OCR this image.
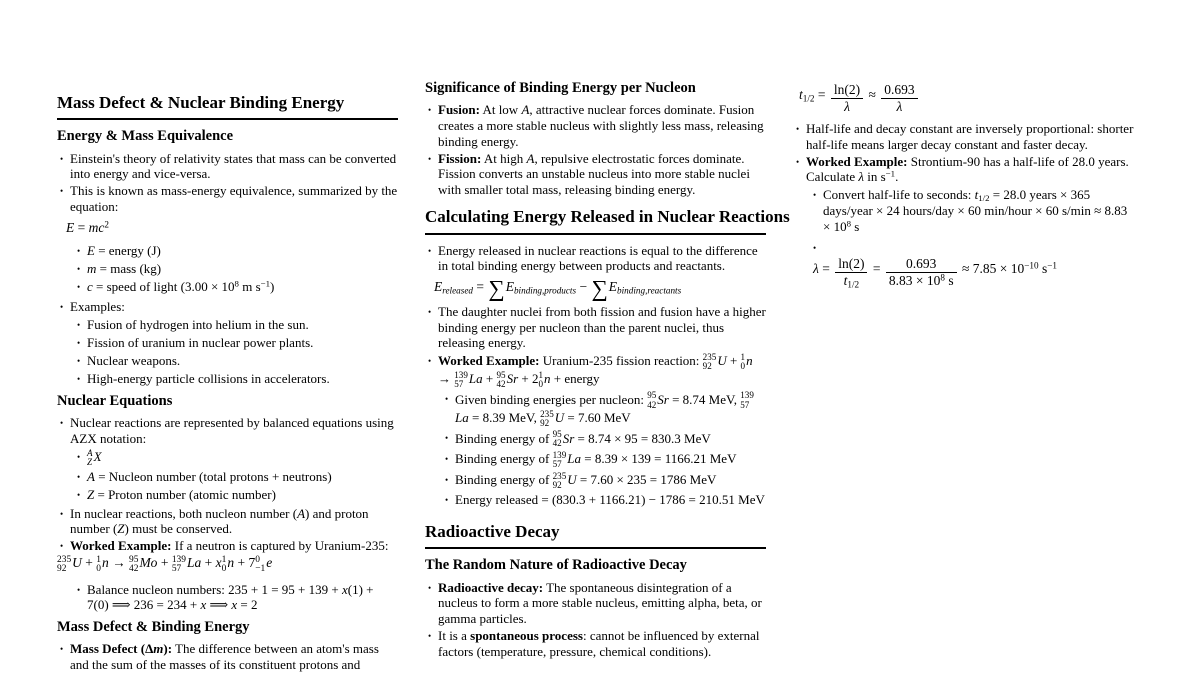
Mass Defect & Nuclear Binding Energy
Energy & Mass Equivalence
• Einstein's theory of relativity states that mass can be converted into energy and vice-versa.
• This is known as mass-energy equivalence, summarized by the equation:
$E = mc^2$
• E = energy (J)
• m = mass (kg)
• c = speed of light ($3.00 \times 10^8$ m $s^{-1}$)
• Examples:
• Fusion of hydrogen into helium in the sun.
• Fission of uranium in nuclear power plants.
• Nuclear weapons.
• High-energy particle collisions in accelerators.
Nuclear Equations
• Nuclear reactions are represented by balanced equations using AZX notation:
• A
Z X
• A = Nucleon number (total protons + neutrons)
• Z = Proton number (atomic number)
• In nuclear reactions, both nucleon number (A) and proton number (Z) must be conserved.
• Worked Example: If a neutron is captured by Uranium-235:
235
92 U + 1
0 n → 95
42 Mo + 139
57 La + x 1
0 n + 7 0
−1 e
• Balance nucleon numbers: 235 + 1 = 95 + 139 + x(1) + 7(0) ⟹ 236 = 234 + x ⟹ x = 2
Mass Defect & Binding Energy
• Mass Defect (Δm): The difference between an atom's mass and the sum of the masses of its constituent protons and
Significance of Binding Energy per Nucleon
• Fusion: At low A, attractive nuclear forces dominate. Fusion creates a more stable nucleus with slightly less mass, releasing binding energy.
• Fission: At high A, repulsive electrostatic forces dominate. Fission converts an unstable nucleus into more stable nuclei with smaller total mass, releasing binding energy.
Calculating Energy Released in Nuclear Reactions
• Energy released in nuclear reactions is equal to the difference in total binding energy between products and reactants.
$E_{released} = \sum E_{binding,products} - \sum E_{binding,reactants}$
• The daughter nuclei from both fission and fusion have a higher binding energy per nucleon than the parent nuclei, thus releasing energy.
• Worked Example: Uranium-235 fission reaction: 235
92 U + 1
0 n → 139
57 La + 95
42 Sr + 2 1
0 n + energy
• Given binding energies per nucleon: 95
42 Sr = 8.74 MeV, 139
57
La = 8.39 MeV, 235
92 U = 7.60 MeV
• Binding energy of 95
42 Sr = 8.74 × 95 = 830.3 MeV
• Binding energy of 139
57 La = 8.39 × 139 = 1166.21 MeV
• Binding energy of 235
92 U = 7.60 × 235 = 1786 MeV
• Energy released = (830.3 + 1166.21) − 1786 = 210.51 MeV
Radioactive Decay
The Random Nature of Radioactive Decay
• Radioactive decay: The spontaneous disintegration of a nucleus to form a more stable nucleus, emitting alpha, beta, or gamma particles.
• It is a spontaneous process: cannot be influenced by external factors (temperature, pressure, chemical conditions).
$t_{1/2} = \frac{\ln(2)}{\lambda} \approx \frac{0.693}{\lambda}$
• Half-life and decay constant are inversely proportional: shorter half-life means larger decay constant and faster decay.
• Worked Example: Strontium-90 has a half-life of 28.0 years. Calculate λ in $s^{-1}$.
• Convert half-life to seconds: $t_{1/2} = 28.0$ years × 365 days/year × 24 hours/day × 60 min/hour × 60 $s/\min \approx 8.83 \times 10^8$ s
•
$\lambda = \frac{\ln(2)}{t_{1/2}} = \frac{0.693}{8.83 \times 10^8 s} \approx 7.85 \times 10^{-10}$ $s^{-1}$
